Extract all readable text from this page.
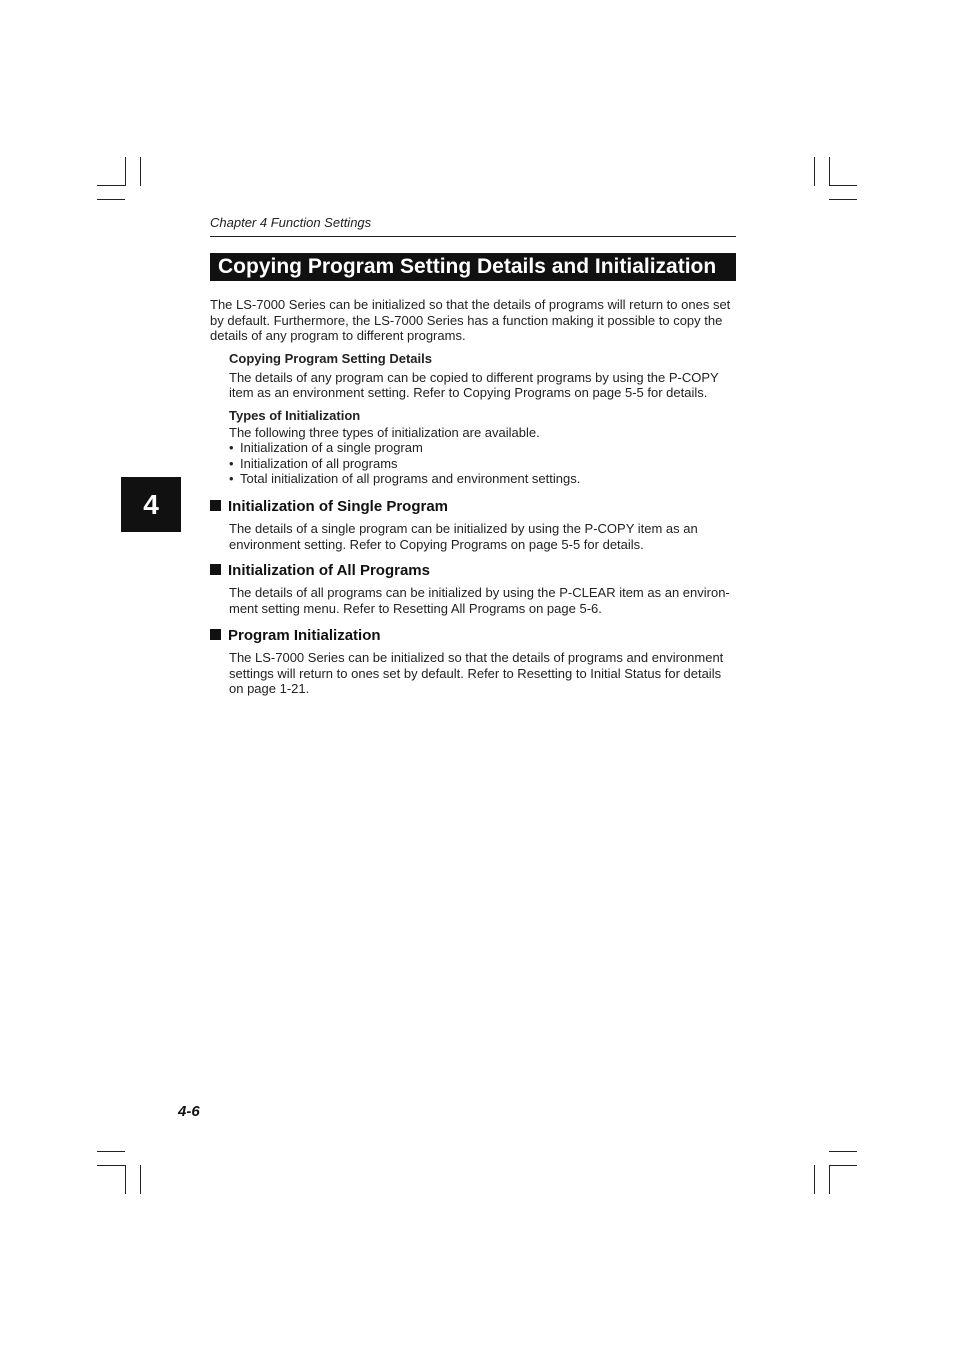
Chapter 4 Function Settings
Copying Program Setting Details and Initialization
The LS-7000 Series can be initialized so that the details of programs will return to ones set
by default. Furthermore, the LS-7000 Series has a function making it possible to copy the
details of any program to different programs.
Copying Program Setting Details
The details of any program can be copied to different programs by using the P-COPY
item as an environment setting. Refer to Copying Programs on page 5-5 for details.
Types of Initialization
The following three types of initialization are available.
• Initialization of a single program
• Initialization of all programs
• Total initialization of all programs and environment settings.
4	Initialization of Single Program
The details of a single program can be initialized by using the P-COPY item as an
environment setting. Refer to Copying Programs on page 5-5 for details.
Initialization of All Programs
The details of all programs can be initialized by using the P-CLEAR item as an environ-
ment setting menu. Refer to Resetting All Programs on page 5-6.
Program Initialization
The LS-7000 Series can be initialized so that the details of programs and environment
settings will return to ones set by default. Refer to Resetting to Initial Status for details
on page 1-21.
4-6
